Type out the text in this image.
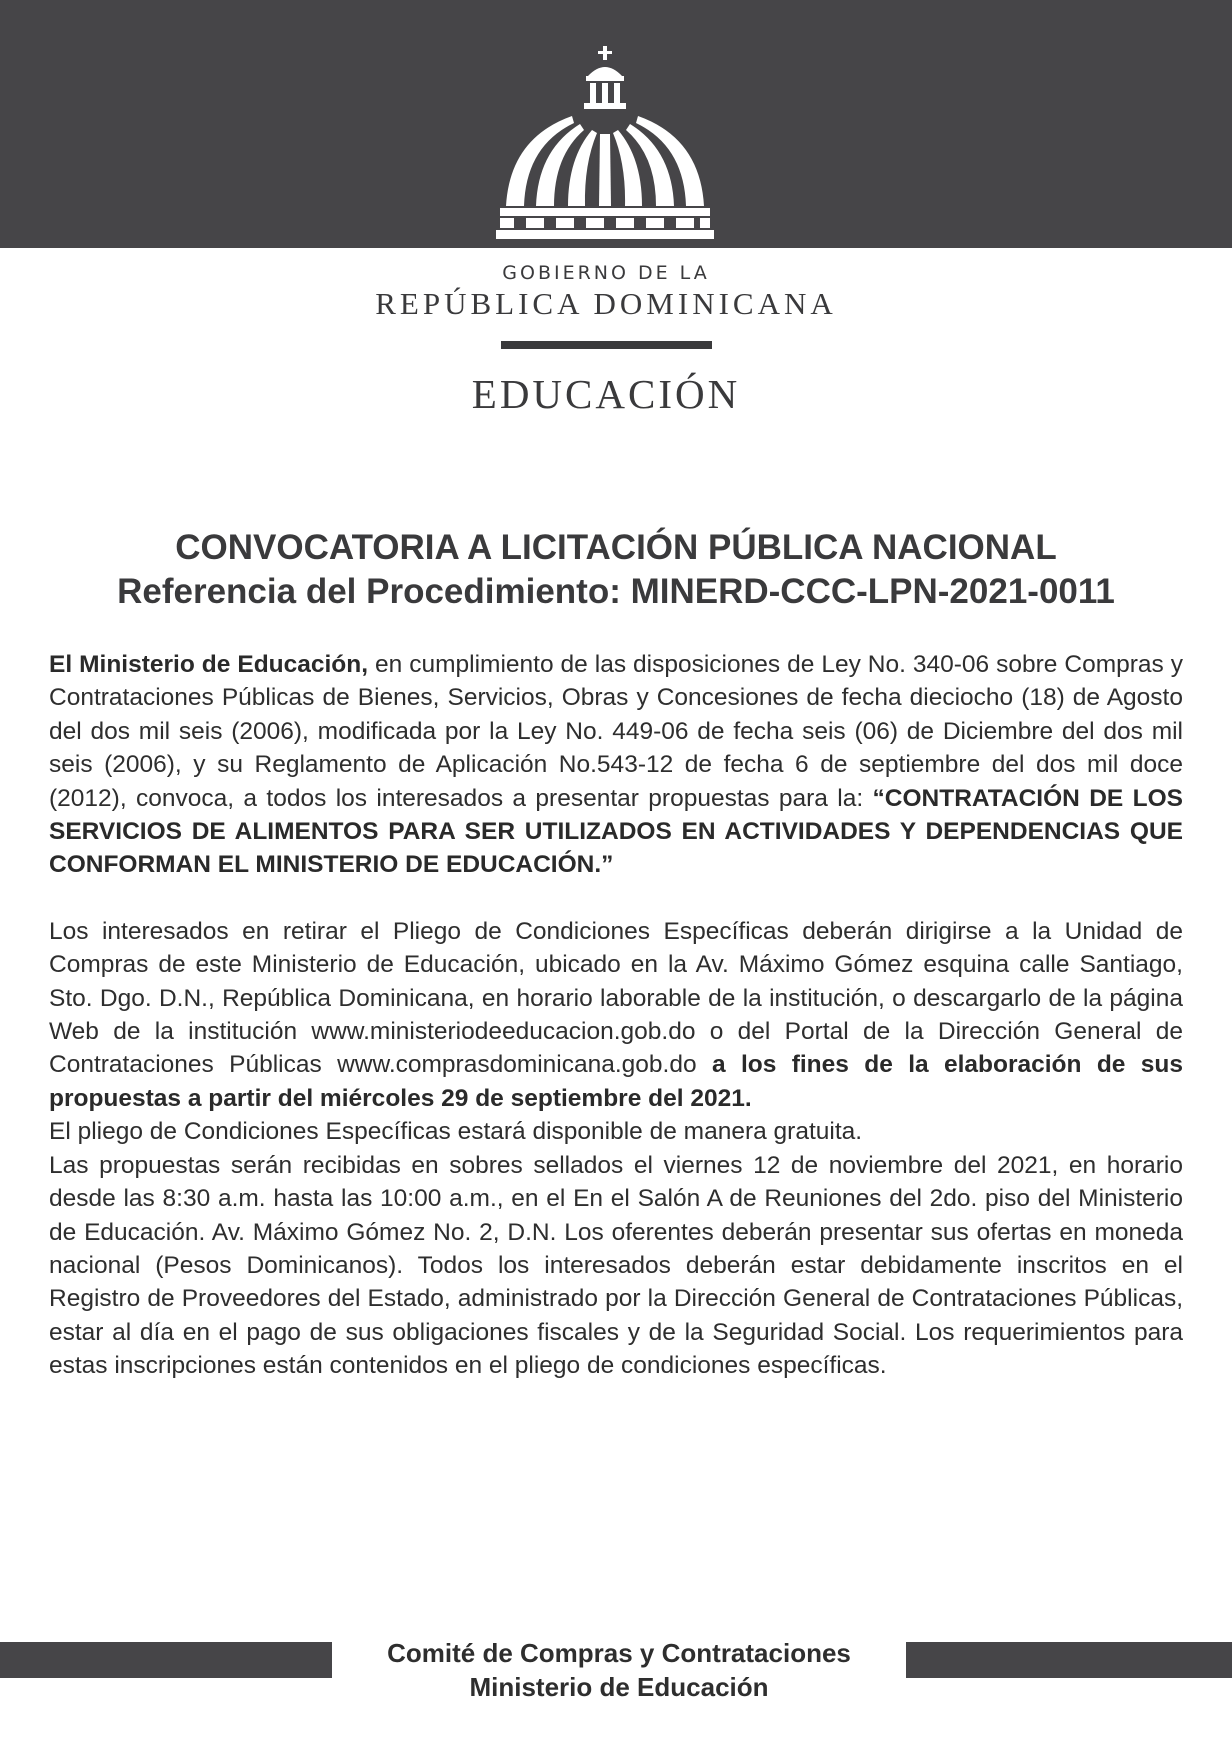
GOBIERNO DE LA
REPÚBLICA DOMINICANA
EDUCACIÓN
CONVOCATORIA A LICITACIÓN PÚBLICA NACIONAL
Referencia del Procedimiento: MINERD-CCC-LPN-2021-0011

El Ministerio de Educación, en cumplimiento de las disposiciones de Ley No. 340-06 sobre Compras y Contrataciones Públicas de Bienes, Servicios, Obras y Concesiones de fecha dieciocho (18) de Agosto del dos mil seis (2006), modificada por la Ley No. 449-06 de fecha seis (06) de Diciembre del dos mil seis (2006), y su Reglamento de Aplicación No.543-12 de fecha 6 de septiembre del dos mil doce (2012), convoca, a todos los interesados a presentar propuestas para la: “CONTRATACIÓN DE LOS SERVICIOS DE ALIMENTOS PARA SER UTILIZADOS EN ACTIVIDADES Y DEPENDENCIAS QUE CONFORMAN EL MINISTERIO DE EDUCACIÓN.”

Los interesados en retirar el Pliego de Condiciones Específicas deberán dirigirse a la Unidad de Compras de este Ministerio de Educación, ubicado en la Av. Máximo Gómez esquina calle Santiago, Sto. Dgo. D.N., República Dominicana, en horario laborable de la institución, o descargarlo de la página Web de la institución www.ministeriodeeducacion.gob.do o del Portal de la Dirección General de Contrataciones Públicas www.comprasdominicana.gob.do a los fines de la elaboración de sus propuestas a partir del miércoles 29 de septiembre del 2021.

El pliego de Condiciones Específicas estará disponible de manera gratuita.

Las propuestas serán recibidas en sobres sellados el viernes 12 de noviembre del 2021, en horario desde las 8:30 a.m. hasta las 10:00 a.m., en el En el Salón A de Reuniones del 2do. piso del Ministerio de Educación. Av. Máximo Gómez No. 2, D.N. Los oferentes deberán presentar sus ofertas en moneda nacional (Pesos Dominicanos). Todos los interesados deberán estar debidamente inscritos en el Registro de Proveedores del Estado, administrado por la Dirección General de Contrataciones Públicas, estar al día en el pago de sus obligaciones fiscales y de la Seguridad Social. Los requerimientos para estas inscripciones están contenidos en el pliego de condiciones específicas.

Comité de Compras y Contrataciones
Ministerio de Educación
